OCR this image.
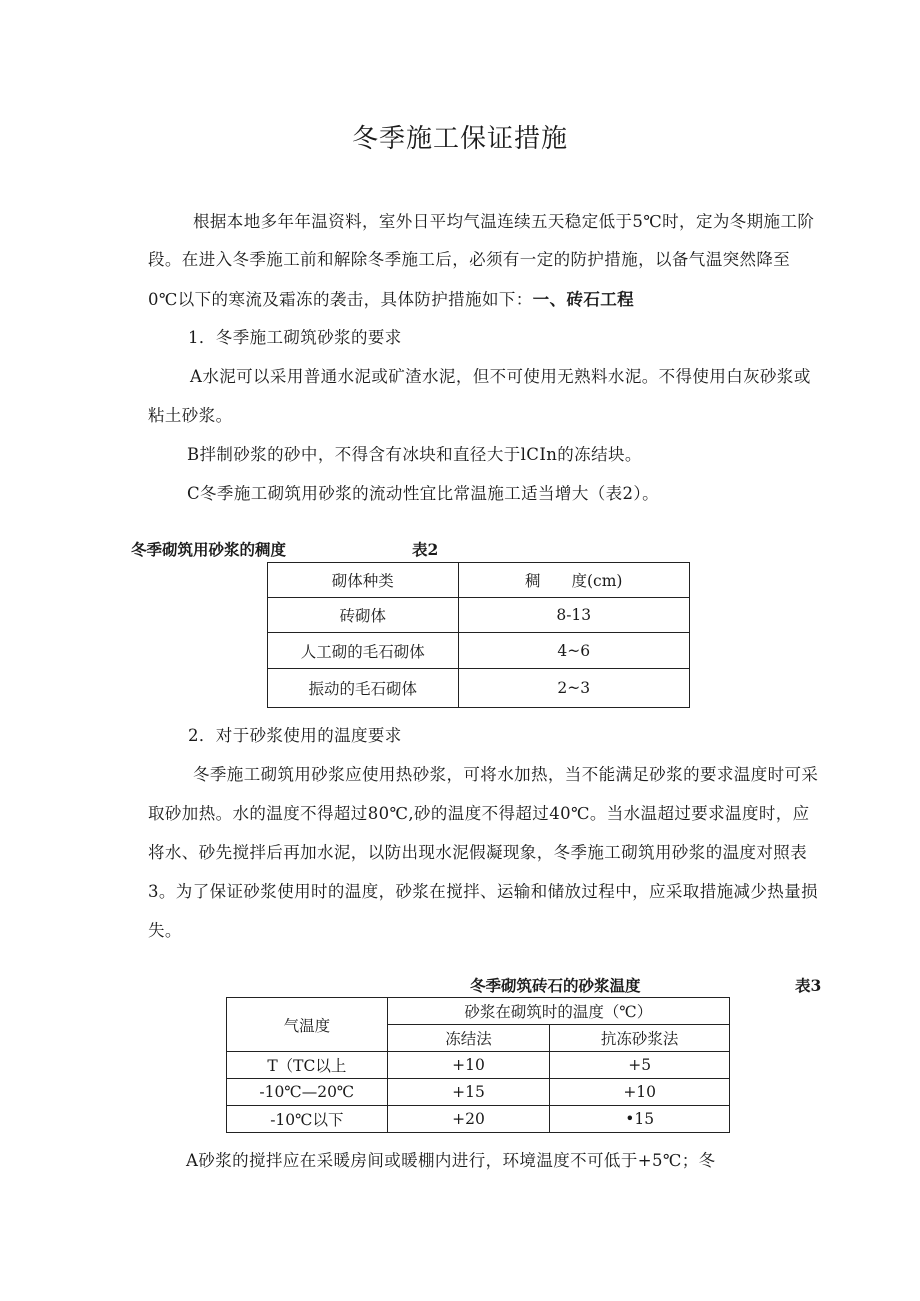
冬季施工保证措施
根据本地多年年温资料，室外日平均气温连续五天稳定低于5℃时，定为冬期施工阶
段。在进入冬季施工前和解除冬季施工后，必须有一定的防护措施，以备气温突然降至
0℃以下的寒流及霜冻的袭击，具体防护措施如下：一、砖石工程
1．冬季施工砌筑砂浆的要求
A水泥可以采用普通水泥或矿渣水泥，但不可使用无熟料水泥。不得使用白灰砂浆或
粘土砂浆。
B拌制砂浆的砂中，不得含有冰块和直径大于lCIn的冻结块。
C冬季施工砌筑用砂浆的流动性宜比常温施工适当增大（表2）。
冬季砌筑用砂浆的稠度	表2
砌体种类	稠　　度(cm)
砖砌体	8-13
人工砌的毛石砌体	4~6
振动的毛石砌体	2~3
2．对于砂浆使用的温度要求
冬季施工砌筑用砂浆应使用热砂浆，可将水加热，当不能满足砂浆的要求温度时可采
取砂加热。水的温度不得超过80℃,砂的温度不得超过40℃。当水温超过要求温度时，应
将水、砂先搅拌后再加水泥，以防出现水泥假凝现象，冬季施工砌筑用砂浆的温度对照表
3。为了保证砂浆使用时的温度，砂浆在搅拌、运输和储放过程中，应采取措施减少热量损
失。
冬季砌筑砖石的砂浆温度	表3
气温度	砂浆在砌筑时的温度（℃）	
	冻结法	抗冻砂浆法
T（TC以上	+10	+5
-10℃—20℃	+15	+10
-10℃以下	+20	•15
A砂浆的搅拌应在采暖房间或暖棚内进行，环境温度不可低于+5℃；冬
